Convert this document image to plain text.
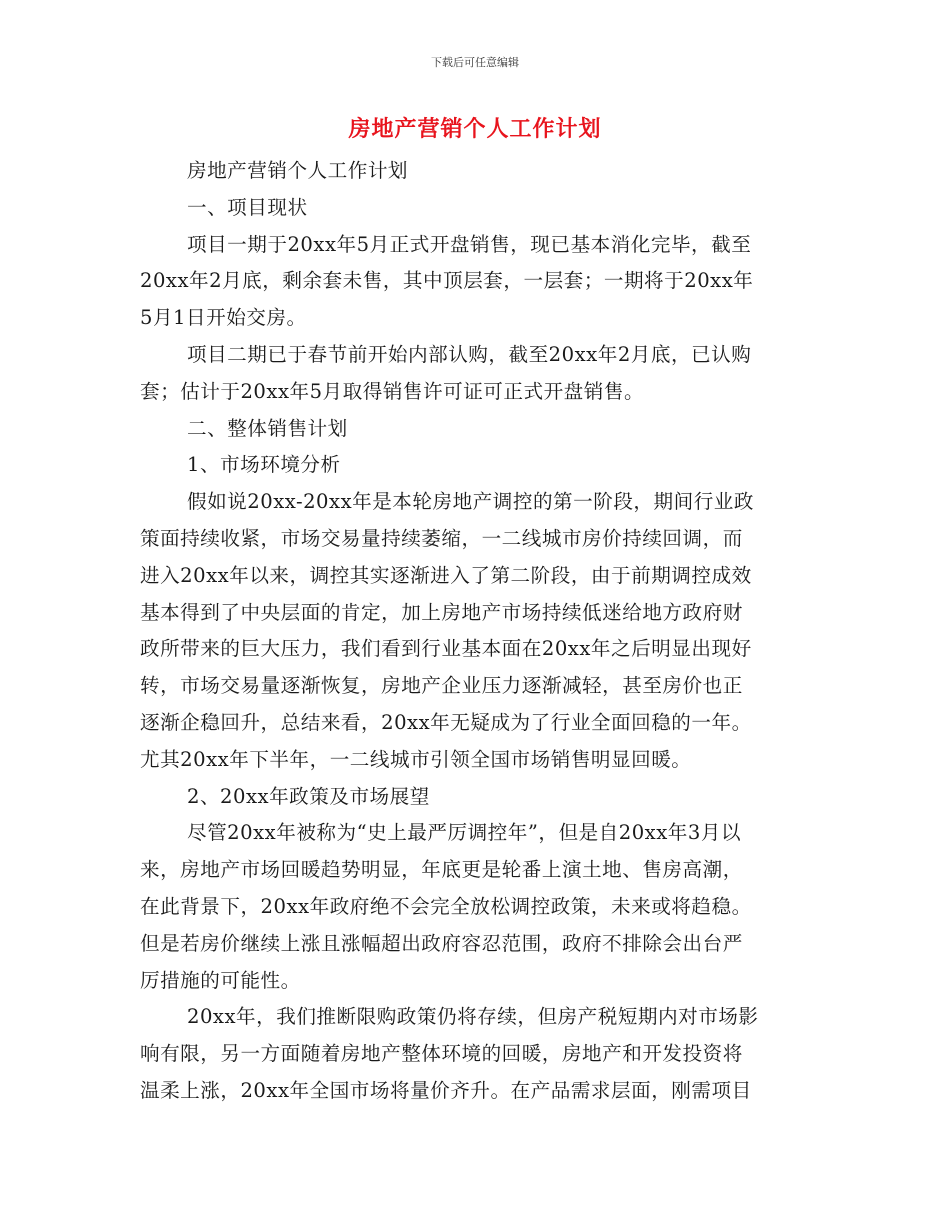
下载后可任意编辑
房地产营销个人工作计划
房地产营销个人工作计划
一、项目现状
项目一期于20xx年5月正式开盘销售，现已基本消化完毕，截至
20xx年2月底，剩余套未售，其中顶层套，一层套；一期将于20xx年
5月1日开始交房。
项目二期已于春节前开始内部认购，截至20xx年2月底，已认购
套；估计于20xx年5月取得销售许可证可正式开盘销售。
二、整体销售计划
1、市场环境分析
假如说20xx-20xx年是本轮房地产调控的第一阶段，期间行业政
策面持续收紧，市场交易量持续萎缩，一二线城市房价持续回调，而
进入20xx年以来，调控其实逐渐进入了第二阶段，由于前期调控成效
基本得到了中央层面的肯定，加上房地产市场持续低迷给地方政府财
政所带来的巨大压力，我们看到行业基本面在20xx年之后明显出现好
转，市场交易量逐渐恢复，房地产企业压力逐渐减轻，甚至房价也正
逐渐企稳回升，总结来看，20xx年无疑成为了行业全面回稳的一年。
尤其20xx年下半年，一二线城市引领全国市场销售明显回暖。
2、20xx年政策及市场展望
尽管20xx年被称为“史上最严厉调控年”，但是自20xx年3月以
来，房地产市场回暖趋势明显，年底更是轮番上演土地、售房高潮，
在此背景下，20xx年政府绝不会完全放松调控政策，未来或将趋稳。
但是若房价继续上涨且涨幅超出政府容忍范围，政府不排除会出台严
厉措施的可能性。
20xx年，我们推断限购政策仍将存续，但房产税短期内对市场影
响有限，另一方面随着房地产整体环境的回暖，房地产和开发投资将
温柔上涨，20xx年全国市场将量价齐升。在产品需求层面，刚需项目
